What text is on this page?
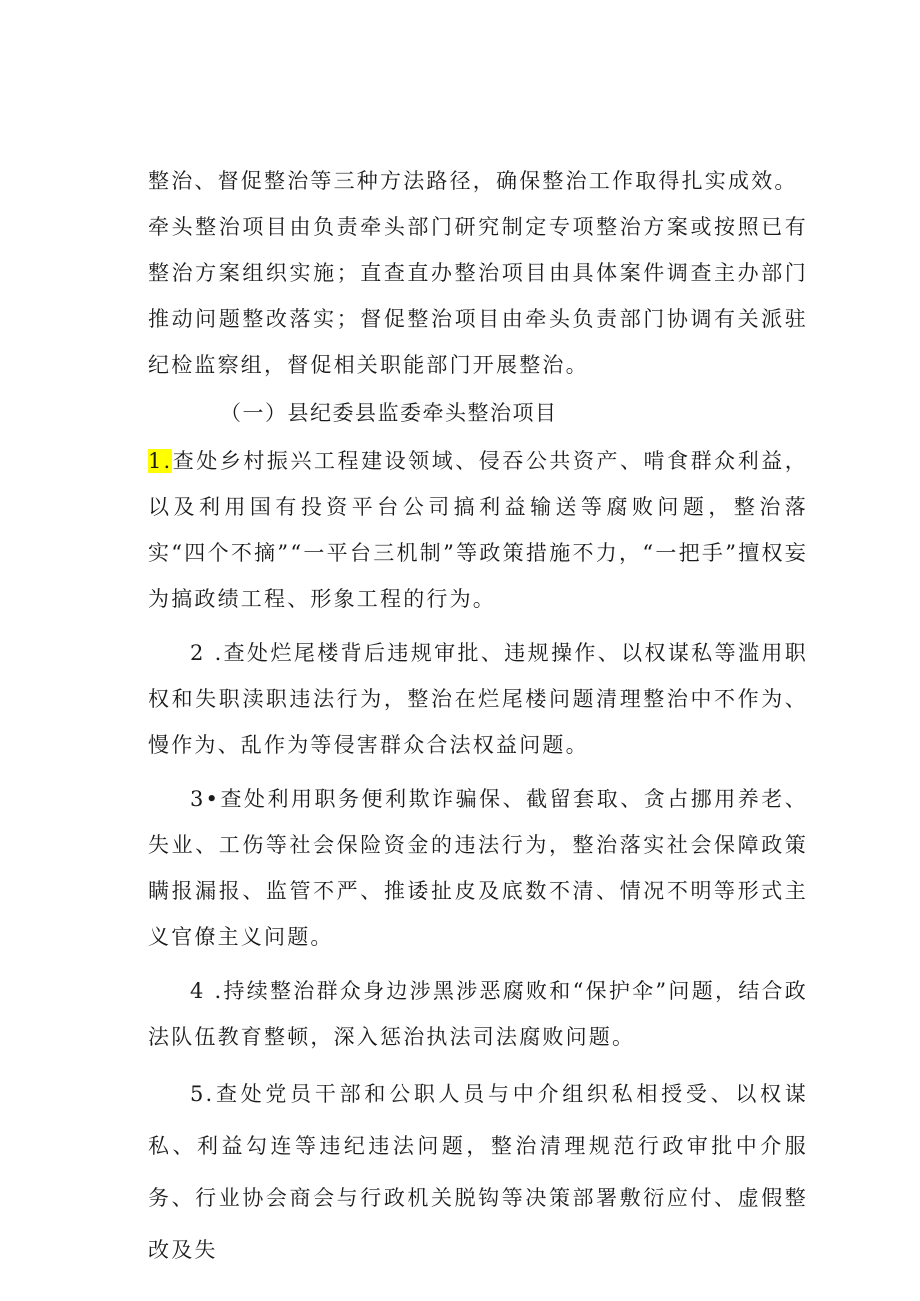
整治、督促整治等三种方法路径，确保整治工作取得扎实成效。

牵头整治项目由负责牵头部门研究制定专项整治方案或按照已有整治方案组织实施；直查直办整治项目由具体案件调查主办部门推动问题整改落实；督促整治项目由牵头负责部门协调有关派驻纪检监察组，督促相关职能部门开展整治。

（一）县纪委县监委牵头整治项目

1.查处乡村振兴工程建设领域、侵吞公共资产、啃食群众利益，以及利用国有投资平台公司搞利益输送等腐败问题，整治落实“四个不摘”“一平台三机制”等政策措施不力，“一把手”擅权妄为搞政绩工程、形象工程的行为。

2 .查处烂尾楼背后违规审批、违规操作、以权谋私等滥用职权和失职渎职违法行为，整治在烂尾楼问题清理整治中不作为、慢作为、乱作为等侵害群众合法权益问题。

3•查处利用职务便利欺诈骗保、截留套取、贪占挪用养老、失业、工伤等社会保险资金的违法行为，整治落实社会保障政策瞒报漏报、监管不严、推诿扯皮及底数不清、情况不明等形式主义官僚主义问题。

4 .持续整治群众身边涉黑涉恶腐败和“保护伞”问题，结合政法队伍教育整顿，深入惩治执法司法腐败问题。

5.查处党员干部和公职人员与中介组织私相授受、以权谋私、利益勾连等违纪违法问题，整治清理规范行政审批中介服务、行业协会商会与行政机关脱钩等决策部署敷衍应付、虚假整改及失
